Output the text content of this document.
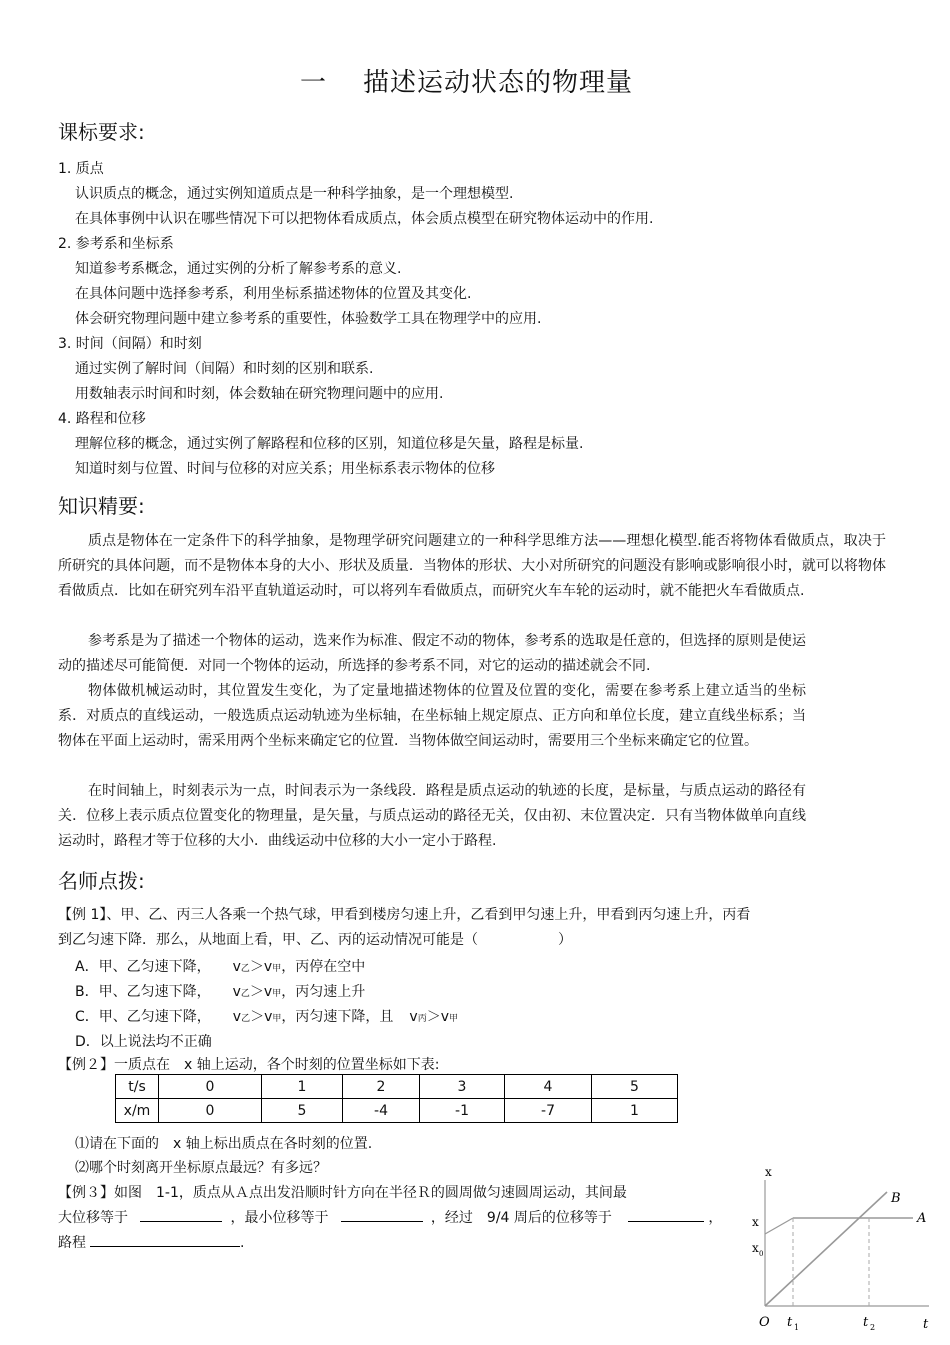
一 描述运动状态的物理量
课标要求:
1. 质点
认识质点的概念，通过实例知道质点是一种科学抽象，是一个理想模型.
在具体事例中认识在哪些情况下可以把物体看成质点，体会质点模型在研究物体运动中的作用.
2. 参考系和坐标系
知道参考系概念，通过实例的分析了解参考系的意义.
在具体问题中选择参考系，利用坐标系描述物体的位置及其变化.
体会研究物理问题中建立参考系的重要性，体验数学工具在物理学中的应用.
3. 时间（间隔）和时刻
通过实例了解时间（间隔）和时刻的区别和联系.
用数轴表示时间和时刻，体会数轴在研究物理问题中的应用.
4. 路程和位移
理解位移的概念，通过实例了解路程和位移的区别，知道位移是矢量，路程是标量.
知道时刻与位置、时间与位移的对应关系；用坐标系表示物体的位移
知识精要:
质点是物体在一定条件下的科学抽象，是物理学研究问题建立的一种科学思维方法——理想化模型.能否将物体看做质点，取决于所研究的具体问题，而不是物体本身的大小、形状及质量．当物体的形状、大小对所研究的问题没有影响或影响很小时，就可以将物体看做质点．比如在研究列车沿平直轨道运动时，可以将列车看做质点，而研究火车车轮的运动时，就不能把火车看做质点.
参考系是为了描述一个物体的运动，选来作为标准、假定不动的物体，参考系的选取是任意的，但选择的原则是使运动的描述尽可能简便．对同一个物体的运动，所选择的参考系不同，对它的运动的描述就会不同.
物体做机械运动时，其位置发生变化，为了定量地描述物体的位置及位置的变化，需要在参考系上建立适当的坐标系．对质点的直线运动，一般选质点运动轨迹为坐标轴，在坐标轴上规定原点、正方向和单位长度，建立直线坐标系；当物体在平面上运动时，需采用两个坐标来确定它的位置．当物体做空间运动时，需要用三个坐标来确定它的位置。
在时间轴上，时刻表示为一点，时间表示为一条线段．路程是质点运动的轨迹的长度，是标量，与质点运动的路径有关．位移上表示质点位置变化的物理量，是矢量，与质点运动的路径无关，仅由初、末位置决定．只有当物体做单向直线运动时，路程才等于位移的大小．曲线运动中位移的大小一定小于路程.
名师点拨:
【例 1】、甲、乙、丙三人各乘一个热气球，甲看到楼房匀速上升，乙看到甲匀速上升，甲看到丙匀速上升，丙看
到乙匀速下降．那么，从地面上看，甲、乙、丙的运动情况可能是（	）
A．甲、乙匀速下降， v乙＞v甲，丙停在空中
B．甲、乙匀速下降， v乙＞v甲，丙匀速上升
C．甲、乙匀速下降， v乙＞v甲，丙匀速下降，且 v丙＞v甲
D．以上说法均不正确
【例２】一质点在　x 轴上运动，各个时刻的位置坐标如下表:
t/s	0	1	2	3	4	5
x/m	0	5	-4	-1	-7	1
⑴请在下面的　x 轴上标出质点在各时刻的位置.
⑵哪个时刻离开坐标原点最远？有多远？
【例３】如图　1-1，质点从Ａ点出发沿顺时针方向在半径Ｒ的圆周做匀速圆周运动，其间最
大位移等于	，最小位移等于	，经过　9/4 周后的位移等于	，
路程	.
x
t
O
B
A
x
x 0
t 1	t 2
